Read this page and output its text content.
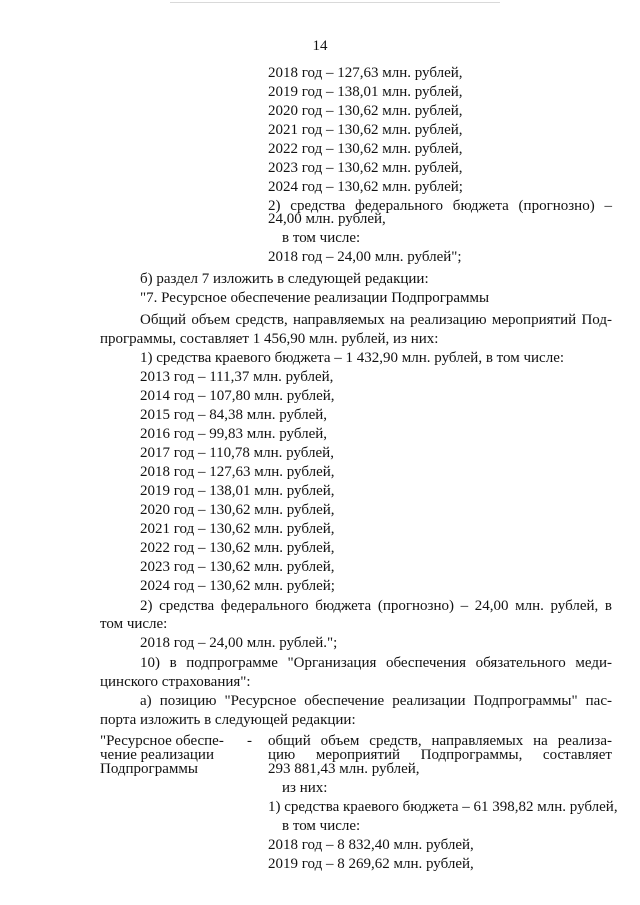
14
2018 год – 127,63 млн. рублей,
2019 год – 138,01 млн. рублей,
2020 год – 130,62 млн. рублей,
2021 год – 130,62 млн. рублей,
2022 год – 130,62 млн. рублей,
2023 год – 130,62 млн. рублей,
2024 год – 130,62 млн. рублей;
2) средства федерального бюджета (прогнозно) –
24,00 млн. рублей,
в том числе:
2018 год – 24,00 млн. рублей";
б) раздел 7 изложить в следующей редакции:
"7. Ресурсное обеспечение реализации Подпрограммы
Общий объем средств, направляемых на реализацию мероприятий Под-
программы, составляет 1 456,90 млн. рублей, из них:
1) средства краевого бюджета – 1 432,90 млн. рублей, в том числе:
2013 год – 111,37 млн. рублей,
2014 год – 107,80 млн. рублей,
2015 год – 84,38 млн. рублей,
2016 год – 99,83 млн. рублей,
2017 год – 110,78 млн. рублей,
2018 год – 127,63 млн. рублей,
2019 год – 138,01 млн. рублей,
2020 год – 130,62 млн. рублей,
2021 год – 130,62 млн. рублей,
2022 год – 130,62 млн. рублей,
2023 год – 130,62 млн. рублей,
2024 год – 130,62 млн. рублей;
2) средства федерального бюджета (прогнозно) – 24,00 млн. рублей, в
том числе:
2018 год – 24,00 млн. рублей.";
10) в подпрограмме "Организация обеспечения обязательного меди-
цинского страхования":
а) позицию "Ресурсное обеспечение реализации Подпрограммы" пас-
порта изложить в следующей редакции:
"Ресурсное обеспе-
чение реализации
Подпрограммы
- общий объем средств, направляемых на реализа-
цию мероприятий Подпрограммы, составляет
293 881,43 млн. рублей,
из них:
1) средства краевого бюджета – 61 398,82 млн. рублей,
в том числе:
2018 год – 8 832,40 млн. рублей,
2019 год – 8 269,62 млн. рублей,
